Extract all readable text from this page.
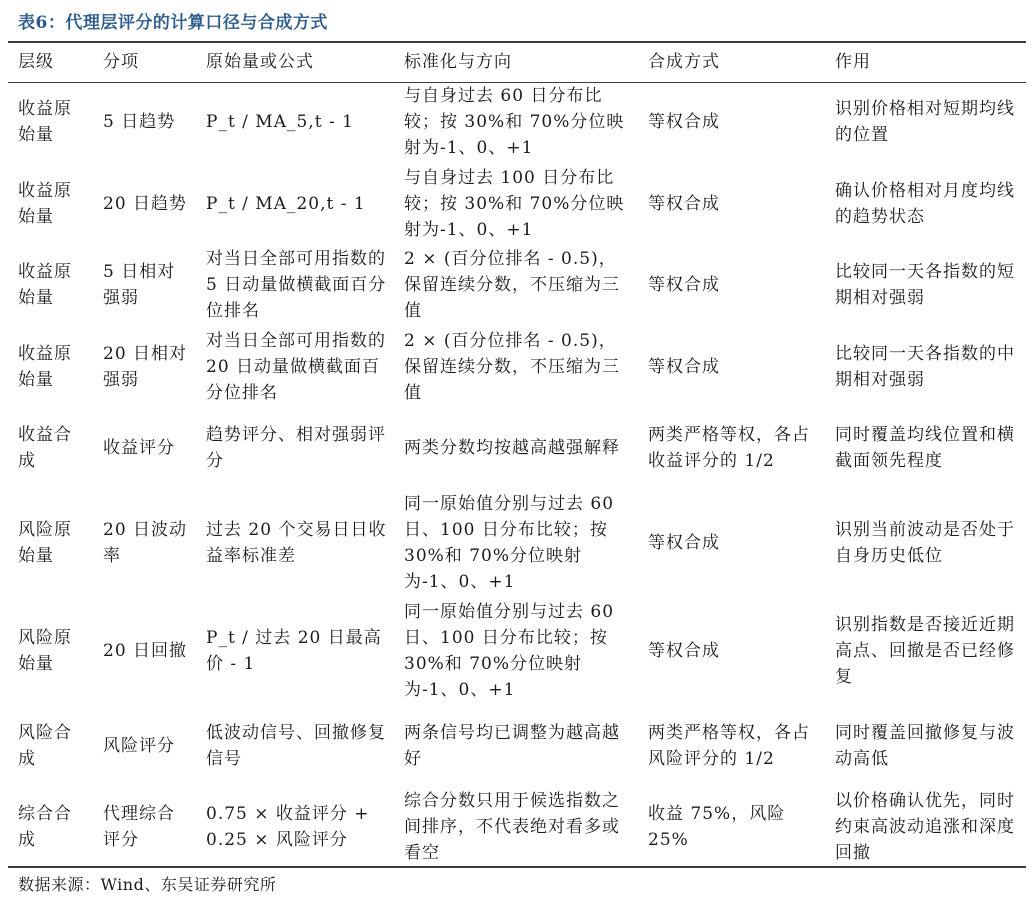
表6：代理层评分的计算口径与合成方式
层级	分项	原始量或公式	标准化与方向	合成方式	作用
收益原始量	5 日趋势	P_t / MA_5,t - 1	与自身过去 60 日分布比较；按 30%和 70%分位映射为-1、0、+1	等权合成	识别价格相对短期均线的位置
收益原始量	20 日趋势	P_t / MA_20,t - 1	与自身过去 100 日分布比较；按 30%和 70%分位映射为-1、0、+1	等权合成	确认价格相对月度均线的趋势状态
收益原始量	5 日相对强弱	对当日全部可用指数的 5 日动量做横截面百分位排名	2 × (百分位排名 - 0.5)，保留连续分数，不压缩为三值	等权合成	比较同一天各指数的短期相对强弱
收益原始量	20 日相对强弱	对当日全部可用指数的 20 日动量做横截面百分位排名	2 × (百分位排名 - 0.5)，保留连续分数，不压缩为三值	等权合成	比较同一天各指数的中期相对强弱
收益合成	收益评分	趋势评分、相对强弱评分	两类分数均按越高越强解释	两类严格等权，各占收益评分的 1/2	同时覆盖均线位置和横截面领先程度
风险原始量	20 日波动率	过去 20 个交易日日收益率标准差	同一原始值分别与过去 60 日、100 日分布比较；按 30%和 70%分位映射为-1、0、+1	等权合成	识别当前波动是否处于自身历史低位
风险原始量	20 日回撤	P_t / 过去 20 日最高价 - 1	同一原始值分别与过去 60 日、100 日分布比较；按 30%和 70%分位映射为-1、0、+1	等权合成	识别指数是否接近近期高点、回撤是否已经修复
风险合成	风险评分	低波动信号、回撤修复信号	两条信号均已调整为越高越好	两类严格等权，各占风险评分的 1/2	同时覆盖回撤修复与波动高低
综合合成	代理综合评分	0.75 × 收益评分 + 0.25 × 风险评分	综合分数只用于候选指数之间排序，不代表绝对看多或看空	收益 75%，风险 25%	以价格确认优先，同时约束高波动追涨和深度回撤
数据来源：Wind、东吴证券研究所
